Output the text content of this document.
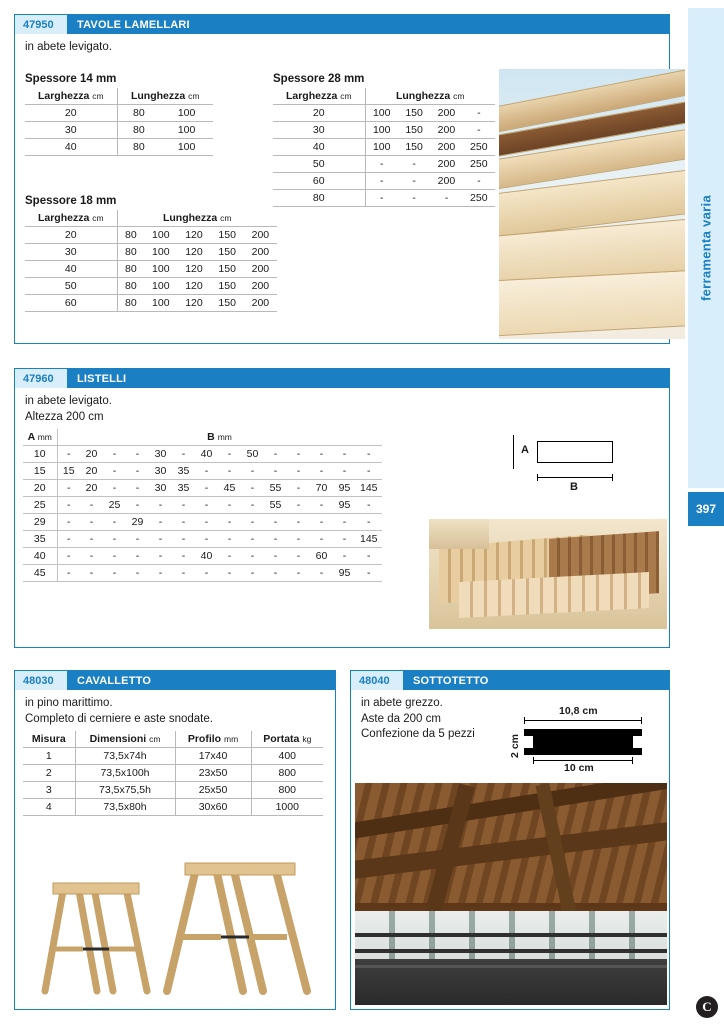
ferramenta varia
397
C
47950	TAVOLE LAMELLARI
in abete levigato.
Spessore 14 mm
Larghezza cm	Lunghezza cm	
20	80	100
30	80	100
40	80	100
Spessore 18 mm
Larghezza cm	Lunghezza cm				
20	80	100	120	150	200
30	80	100	120	150	200
40	80	100	120	150	200
50	80	100	120	150	200
60	80	100	120	150	200
Spessore 28 mm
Larghezza cm	Lunghezza cm			
20	100	150	200	-
30	100	150	200	-
40	100	150	200	250
50	-	-	200	250
60	-	-	200	-
80	-	-	-	250
47960	LISTELLI
in abete levigato.
Altezza 200 cm
A mm	B mm													
10	-	20	-	-	30	-	40	-	50	-	-	-	-	-
15	15	20	-	-	30	35	-	-	-	-	-	-	-	-
20	-	20	-	-	30	35	-	45	-	55	-	70	95	145
25	-	-	25	-	-	-	-	-	-	55	-	-	95	-
29	-	-	-	29	-	-	-	-	-	-	-	-	-	-
35	-	-	-	-	-	-	-	-	-	-	-	-	-	145
40	-	-	-	-	-	-	40	-	-	-	-	60	-	-
45	-	-	-	-	-	-	-	-	-	-	-	-	95	-
A
B
48030	CAVALLETTO
in pino marittimo.
Completo di cerniere e aste snodate.
Misura	Dimensioni cm	Profilo mm	Portata kg
1	73,5x74h	17x40	400
2	73,5x100h	23x50	800
3	73,5x75,5h	25x50	800
4	73,5x80h	30x60	1000
48040	SOTTOTETTO
in abete grezzo.
Aste da 200 cm
Confezione da 5 pezzi
10,8 cm
2 cm
10 cm
